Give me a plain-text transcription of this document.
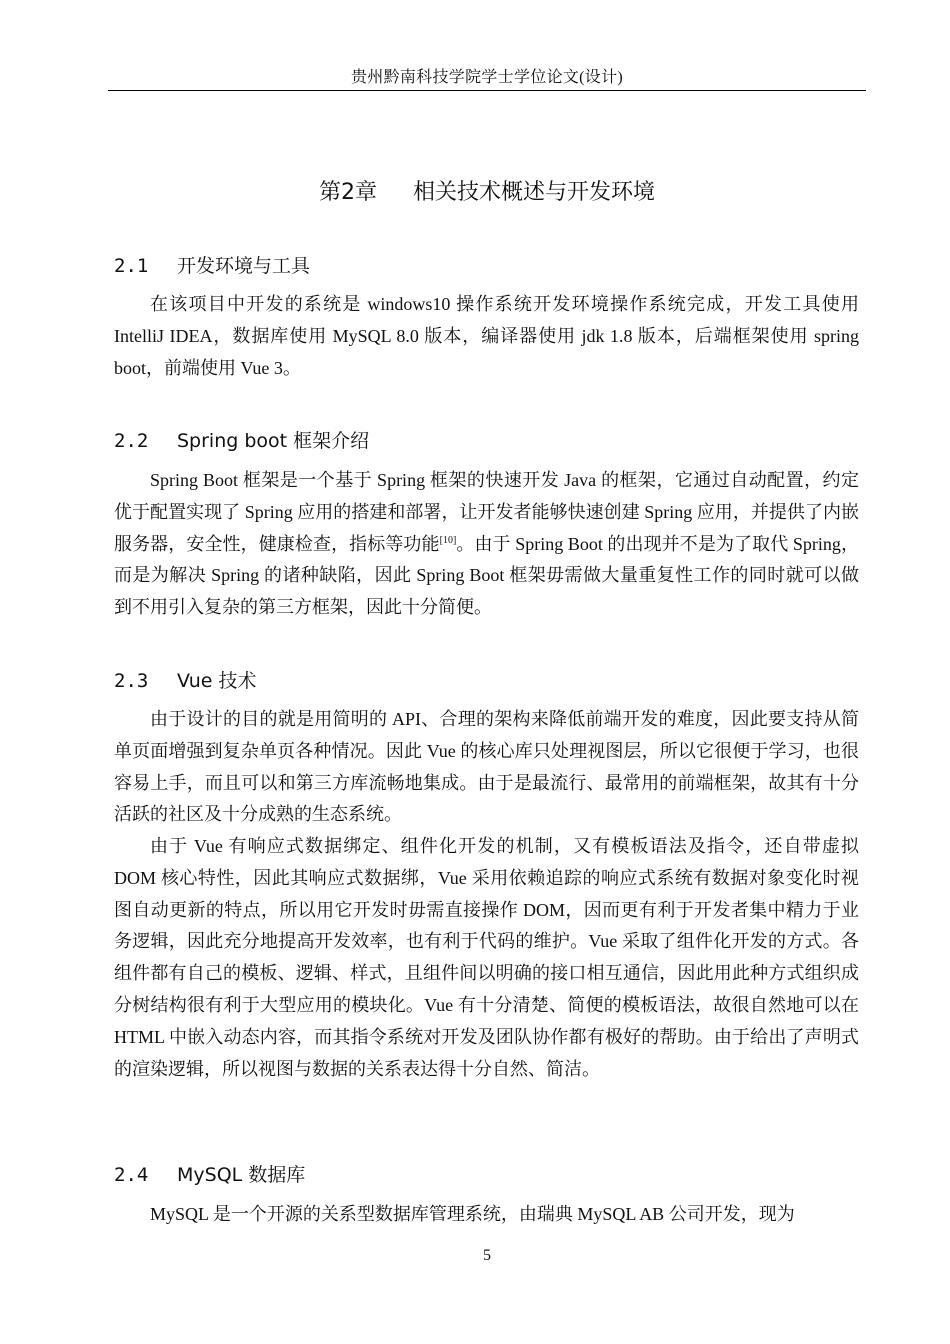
贵州黔南科技学院学士学位论文(设计)
第2章 相关技术概述与开发环境
2.1 开发环境与工具

在该项目中开发的系统是 windows10 操作系统开发环境操作系统完成，开发工具使用 IntelliJ IDEA，数据库使用 MySQL 8.0 版本，编译器使用 jdk 1.8 版本，后端框架使用 spring boot，前端使用 Vue 3。

2.2 Spring boot 框架介绍

Spring Boot 框架是一个基于 Spring 框架的快速开发 Java 的框架，它通过自动配置，约定优于配置实现了 Spring 应用的搭建和部署，让开发者能够快速创建 Spring 应用，并提供了内嵌服务器，安全性，健康检查，指标等功能[10]。由于 Spring Boot 的出现并不是为了取代 Spring，而是为解决 Spring 的诸种缺陷，因此 Spring Boot 框架毋需做大量重复性工作的同时就可以做到不用引入复杂的第三方框架，因此十分简便。

2.3 Vue 技术

由于设计的目的就是用简明的 API、合理的架构来降低前端开发的难度，因此要支持从简单页面增强到复杂单页各种情况。因此 Vue 的核心库只处理视图层，所以它很便于学习，也很容易上手，而且可以和第三方库流畅地集成。由于是最流行、最常用的前端框架，故其有十分活跃的社区及十分成熟的生态系统。

由于 Vue 有响应式数据绑定、组件化开发的机制，又有模板语法及指令，还自带虚拟 DOM 核心特性，因此其响应式数据绑，Vue 采用依赖追踪的响应式系统有数据对象变化时视图自动更新的特点，所以用它开发时毋需直接操作 DOM，因而更有利于开发者集中精力于业务逻辑，因此充分地提高开发效率，也有利于代码的维护。Vue 采取了组件化开发的方式。各组件都有自己的模板、逻辑、样式，且组件间以明确的接口相互通信，因此用此种方式组织成分树结构很有利于大型应用的模块化。Vue 有十分清楚、简便的模板语法，故很自然地可以在 HTML 中嵌入动态内容，而其指令系统对开发及团队协作都有极好的帮助。由于给出了声明式的渲染逻辑，所以视图与数据的关系表达得十分自然、简洁。

2.4 MySQL 数据库

MySQL 是一个开源的关系型数据库管理系统，由瑞典 MySQL AB 公司开发，现为

5
